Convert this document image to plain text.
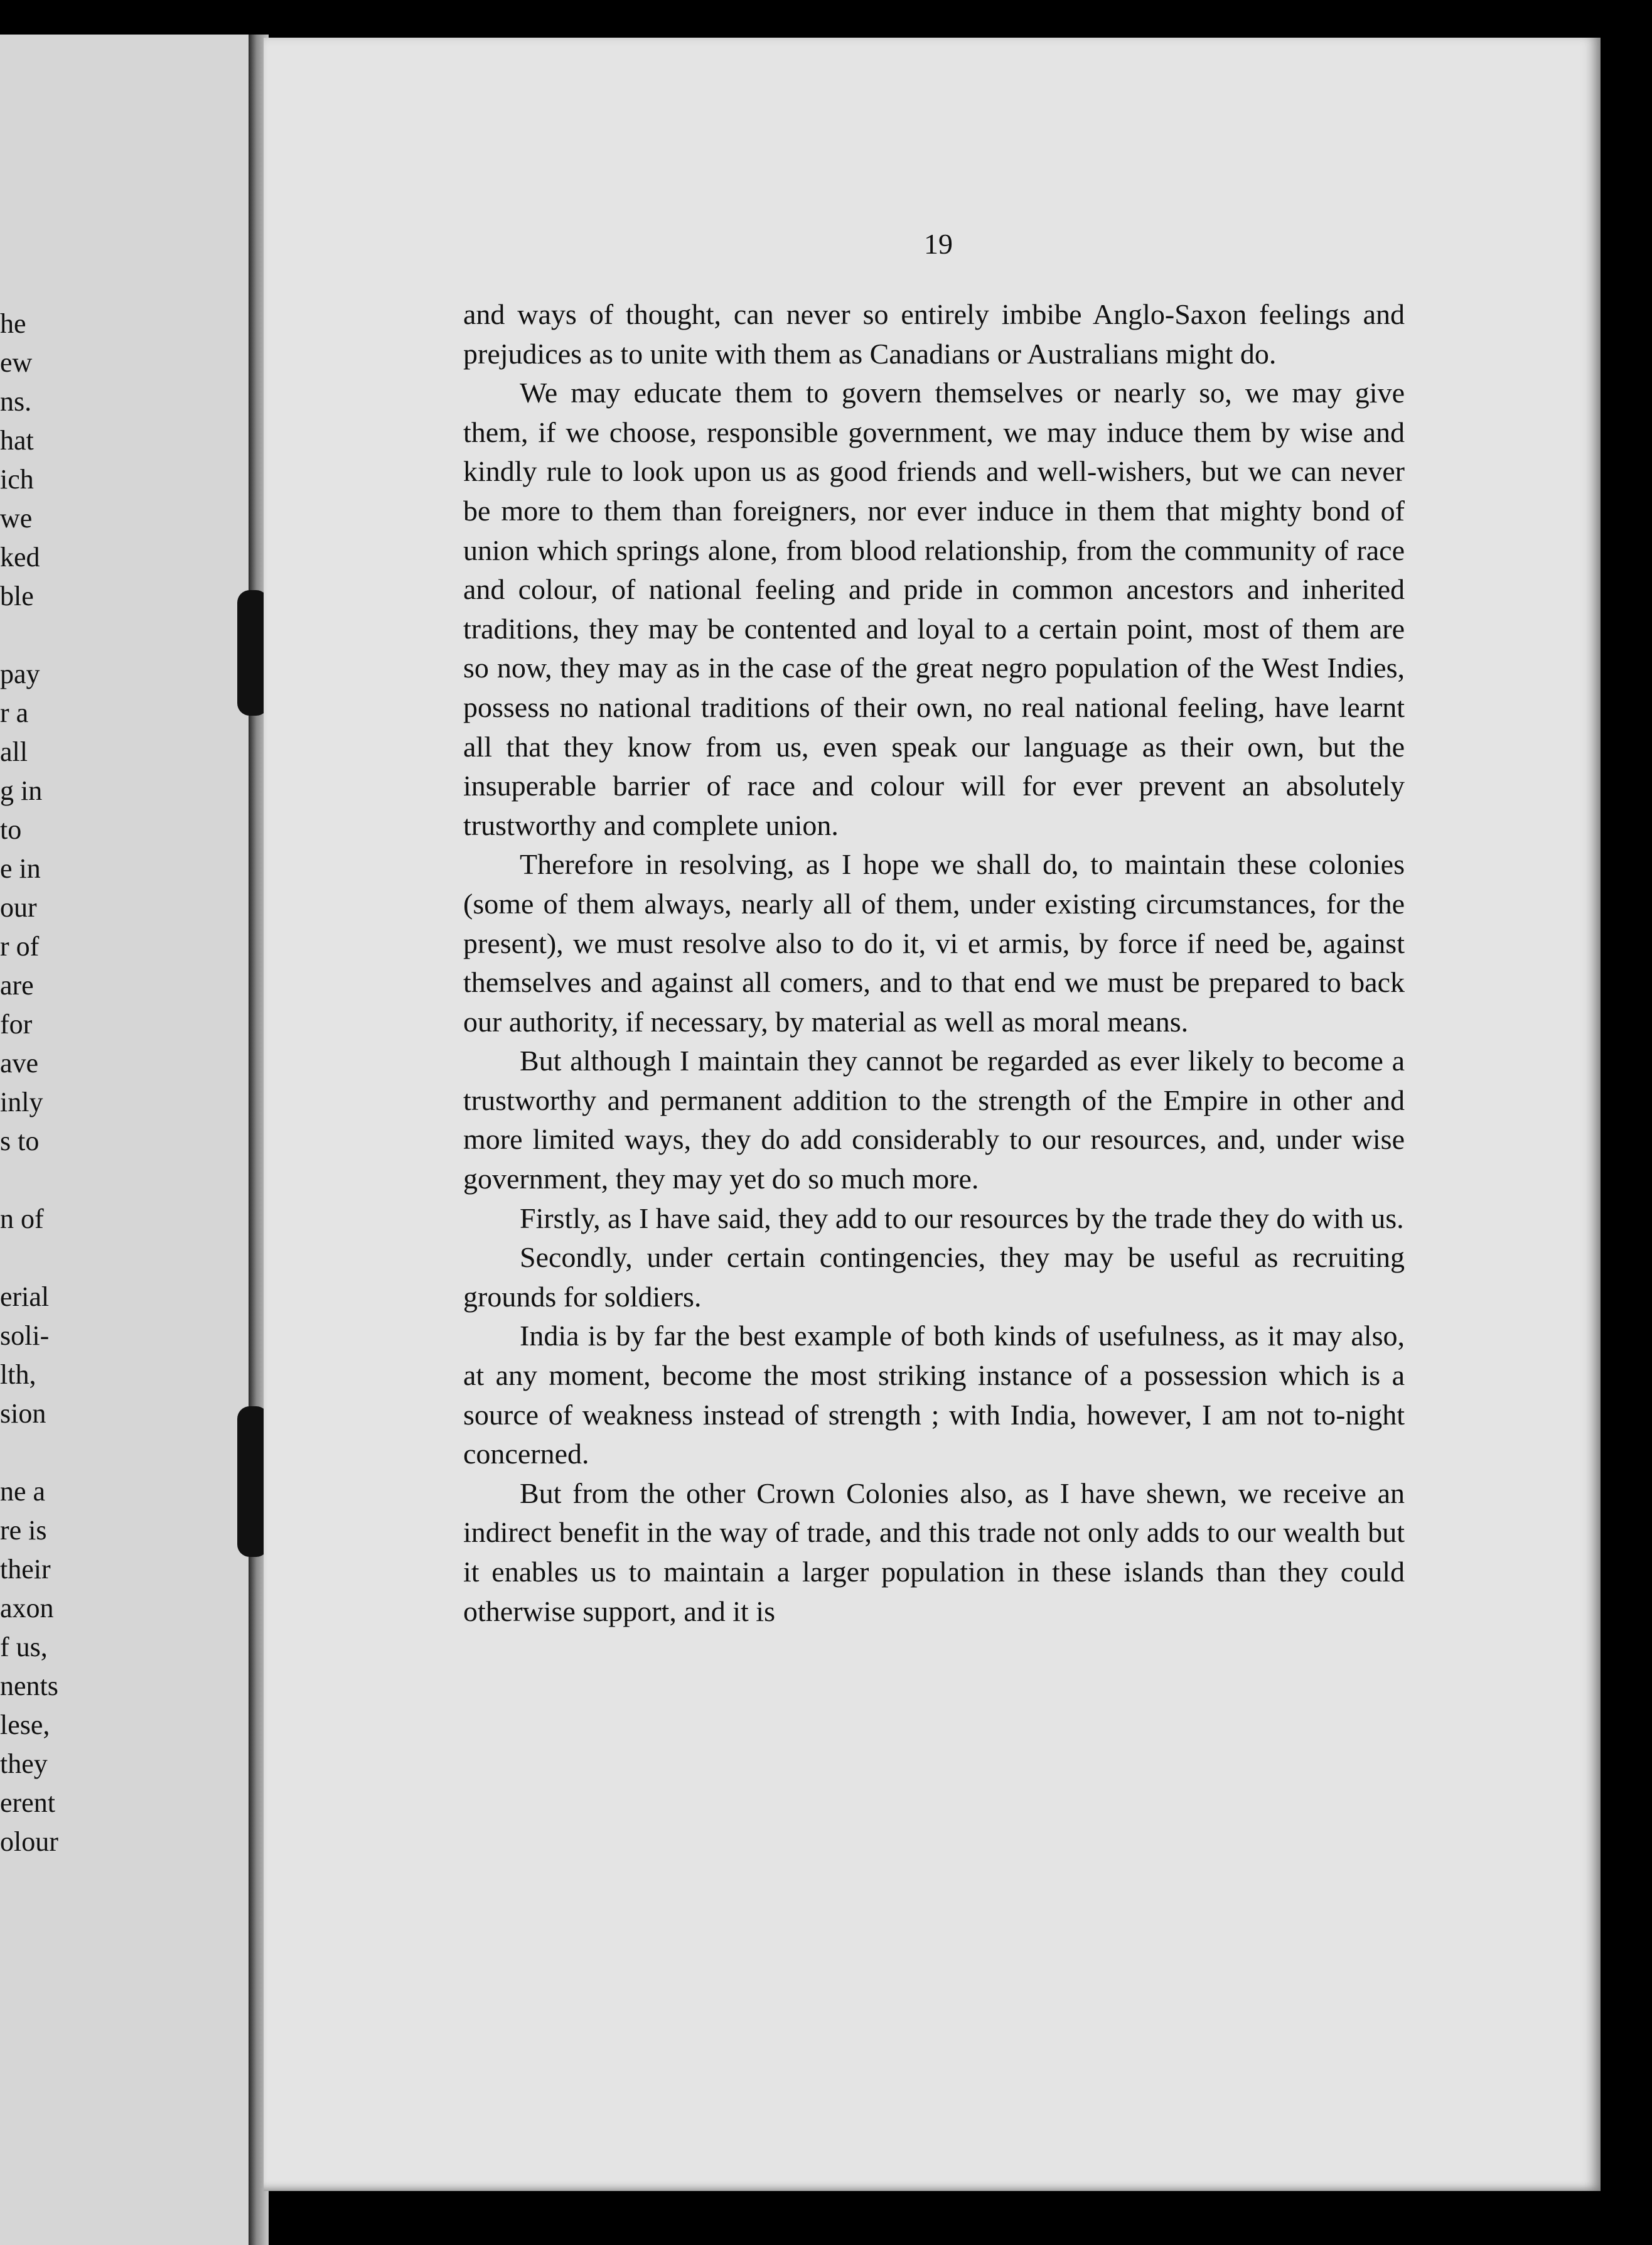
he
ew
ns.
hat
ich
we
ked
ble
pay
r a
all
g in
to
e in
our
r of
are
for
ave
inly
s to
n of
erial
soli-
lth,
sion
ne a
re is
their
axon
f us,
nents
lese,
they
erent
olour
19

and ways of thought, can never so entirely imbibe Anglo-Saxon feelings and prejudices as to unite with them as Canadians or Australians might do.

We may educate them to govern themselves or nearly so, we may give them, if we choose, responsible government, we may induce them by wise and kindly rule to look upon us as good friends and well-wishers, but we can never be more to them than foreigners, nor ever induce in them that mighty bond of union which springs alone, from blood relationship, from the community of race and colour, of national feeling and pride in common ancestors and inherited traditions, they may be contented and loyal to a certain point, most of them are so now, they may as in the case of the great negro population of the West Indies, possess no national traditions of their own, no real national feeling, have learnt all that they know from us, even speak our language as their own, but the insuperable barrier of race and colour will for ever prevent an absolutely trustworthy and complete union.

Therefore in resolving, as I hope we shall do, to maintain these colonies (some of them always, nearly all of them, under existing circumstances, for the present), we must resolve also to do it, vi et armis, by force if need be, against themselves and against all comers, and to that end we must be prepared to back our authority, if necessary, by material as well as moral means.

But although I maintain they cannot be regarded as ever likely to become a trustworthy and permanent addition to the strength of the Empire in other and more limited ways, they do add considerably to our resources, and, under wise government, they may yet do so much more.

Firstly, as I have said, they add to our resources by the trade they do with us.

Secondly, under certain contingencies, they may be useful as recruiting grounds for soldiers.

India is by far the best example of both kinds of usefulness, as it may also, at any moment, become the most striking instance of a possession which is a source of weakness instead of strength ; with India, however, I am not to-night concerned.

But from the other Crown Colonies also, as I have shewn, we receive an indirect benefit in the way of trade, and this trade not only adds to our wealth but it enables us to maintain a larger population in these islands than they could otherwise support, and it is
